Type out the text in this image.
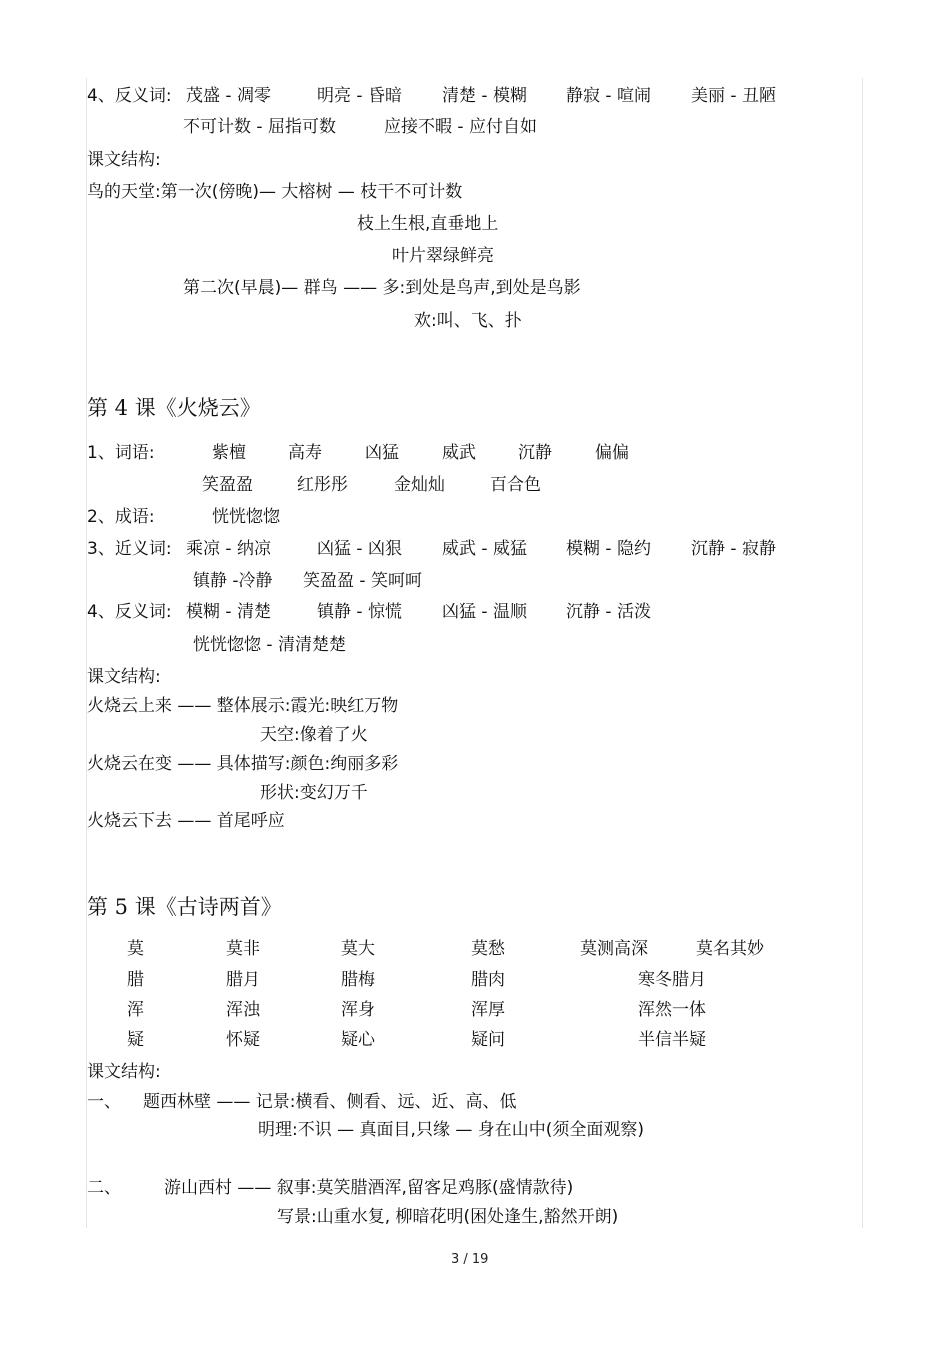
4、反义词: 茂盛 - 凋零	明亮 - 昏暗 清楚 - 模糊 静寂 - 喧闹 美丽 - 丑陋
不可计数 - 屈指可数	应接不暇 - 应付自如
课文结构:
鸟的天堂:第一次(傍晚)— 大榕树 — 枝干不可计数
枝上生根,直垂地上
叶片翠绿鲜亮
第二次(早晨)— 群鸟 —— 多:到处是鸟声,到处是鸟影
欢:叫、飞、扑
第 4 课《火烧云》
1、词语:	紫檀 高寿	凶猛	威武 沉静	偏偏
笑盈盈	红彤彤	金灿灿	百合色
2、成语:	恍恍惚惚
3、近义词: 乘凉 - 纳凉	凶猛 - 凶狠 威武 - 威猛 模糊 - 隐约 沉静 - 寂静
镇静 -冷静 笑盈盈 - 笑呵呵
4、反义词: 模糊 - 清楚	镇静 - 惊慌 凶猛 - 温顺 沉静 - 活泼
恍恍惚惚 - 清清楚楚
课文结构:
火烧云上来 —— 整体展示:霞光:映红万物
天空:像着了火
火烧云在变 —— 具体描写:颜色:绚丽多彩
形状:变幻万千
火烧云下去 —— 首尾呼应
第 5 课《古诗两首》
莫	莫非	莫大	莫愁	莫测高深	莫名其妙
腊	腊月	腊梅	腊肉	寒冬腊月
浑	浑浊	浑身	浑厚	浑然一体
疑	怀疑	疑心	疑问	半信半疑
课文结构:
一、 题西林壁 —— 记景:横看、侧看、远、近、高、低
明理:不识 — 真面目,只缘 — 身在山中(须全面观察)
二、	游山西村 —— 叙事:莫笑腊酒浑,留客足鸡豚(盛情款待)
写景:山重水复, 柳暗花明(困处逢生,豁然开朗)
3 / 19
